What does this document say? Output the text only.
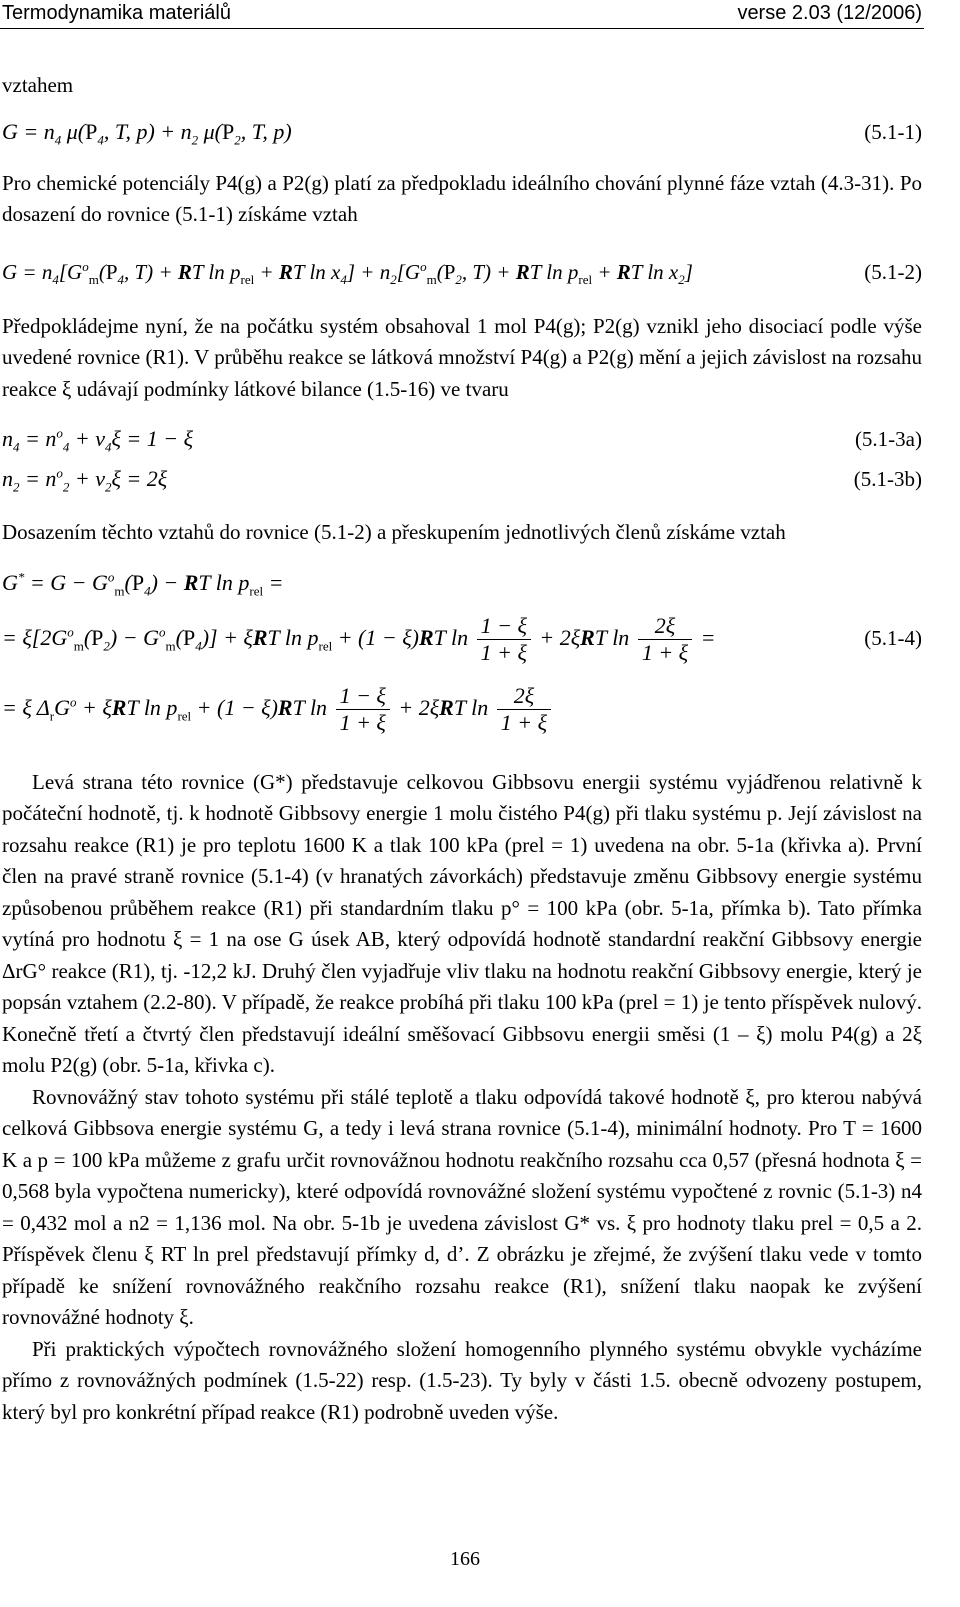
Termodynamika materiálů	verse 2.03 (12/2006)

vztahem

$G = n_4$ $\mu(P_4$, T, $p) + n_2$ $\mu(P_2$, T, p)	(5.1-1)

Pro chemické potenciály P4(g) a P2(g) platí za předpokladu ideálního chování plynné fáze vztah (4.3-31). Po dosazení do rovnice (5.1-1) získáme vztah

$G = n_4[G^o_m(P_4$, T) + RT $\ln p_{rel}$ + RT $\ln x_4] + n_2[G^o_m(P_2$, T) + RT $\ln p_{rel}$ + RT $\ln x_2$]	(5.1-2)

Předpokládejme nyní, že na počátku systém obsahoval 1 mol P4(g); P2(g) vznikl jeho disociací podle výše uvedené rovnice (R1). V průběhu reakce se látková množství P4(g) a P2(g) mění a jejich závislost na rozsahu reakce ξ udávají podmínky látkové bilance (1.5-16) ve tvaru

$n_4 = n^o_4 + \nu_4\xi = 1 - \xi$	(5.1-3a)
$n_2 = n^o_2 + \nu_2\xi = 2\xi$	(5.1-3b)

Dosazením těchto vztahů do rovnice (5.1-2) a přeskupením jednotlivých členů získáme vztah

$G^* = G - G^o_m(P_4)$ − RT $\ln p_{rel}$ =
= $\xi[2G^o_m(P_2) - G^o_m(P_4)] + \xi RT$ $\ln p_{rel} + (1 - \xi)RT$ $\ln \frac{1 - \xi}{1 + \xi} + 2\xi RT$ $\ln \frac{2\xi}{1 + \xi}$ =	(5.1-4)
= ξ $\Delta_rG^o + \xi RT$ $\ln p_{rel} + (1 - \xi)RT$ $\ln \frac{1 - \xi}{1 + \xi} + 2\xi RT$ $\ln \frac{2\xi}{1 + \xi}$

Levá strana této rovnice (G*) představuje celkovou Gibbsovu energii systému vyjádřenou relativně k počáteční hodnotě, tj. k hodnotě Gibbsovy energie 1 molu čistého P4(g) při tlaku systému p. Její závislost na rozsahu reakce (R1) je pro teplotu 1600 K a tlak 100 kPa (prel = 1) uvedena na obr. 5-1a (křivka a). První člen na pravé straně rovnice (5.1-4) (v hranatých závorkách) představuje změnu Gibbsovy energie systému způsobenou průběhem reakce (R1) při standardním tlaku p° = 100 kPa (obr. 5-1a, přímka b). Tato přímka vytíná pro hodnotu ξ = 1 na ose G úsek AB, který odpovídá hodnotě standardní reakční Gibbsovy energie ΔrG° reakce (R1), tj. -12,2 kJ. Druhý člen vyjadřuje vliv tlaku na hodnotu reakční Gibbsovy energie, který je popsán vztahem (2.2-80). V případě, že reakce probíhá při tlaku 100 kPa (prel = 1) je tento příspěvek nulový. Konečně třetí a čtvrtý člen představují ideální směšovací Gibbsovu energii směsi (1 – ξ) molu P4(g) a 2ξ molu P2(g) (obr. 5-1a, křivka c).

Rovnovážný stav tohoto systému při stálé teplotě a tlaku odpovídá takové hodnotě ξ, pro kterou nabývá celková Gibbsova energie systému G, a tedy i levá strana rovnice (5.1-4), minimální hodnoty. Pro T = 1600 K a p = 100 kPa můžeme z grafu určit rovnovážnou hodnotu reakčního rozsahu cca 0,57 (přesná hodnota ξ = 0,568 byla vypočtena numericky), které odpovídá rovnovážné složení systému vypočtené z rovnic (5.1-3) n4 = 0,432 mol a n2 = 1,136 mol. Na obr. 5-1b je uvedena závislost G* vs. ξ pro hodnoty tlaku prel = 0,5 a 2. Příspěvek členu ξ RT ln prel představují přímky d, d’. Z obrázku je zřejmé, že zvýšení tlaku vede v tomto případě ke snížení rovnovážného reakčního rozsahu reakce (R1), snížení tlaku naopak ke zvýšení rovnovážné hodnoty ξ.

Při praktických výpočtech rovnovážného složení homogenního plynného systému obvykle vycházíme přímo z rovnovážných podmínek (1.5-22) resp. (1.5-23). Ty byly v části 1.5. obecně odvozeny postupem, který byl pro konkrétní případ reakce (R1) podrobně uveden výše.

166
